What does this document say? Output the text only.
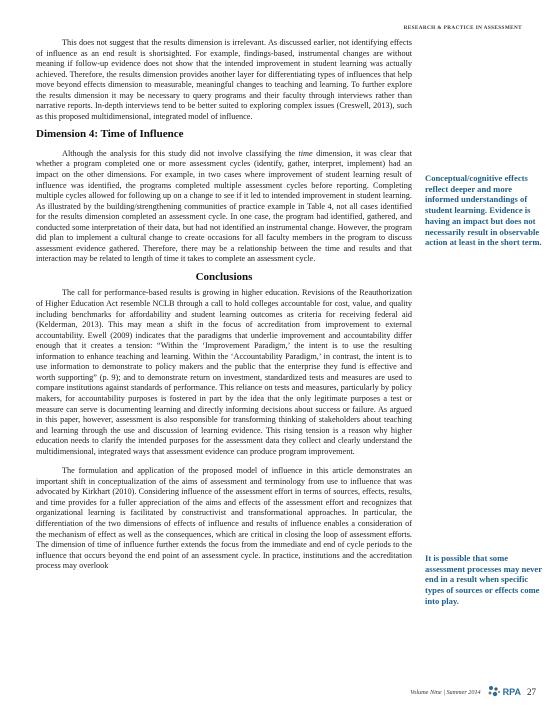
RESEARCH & PRACTICE IN ASSESSMENT

This does not suggest that the results dimension is irrelevant. As discussed earlier, not identifying effects of influence as an end result is shortsighted. For example, findings-based, instrumental changes are without meaning if follow-up evidence does not show that the intended improvement in student learning was actually achieved. Therefore, the results dimension provides another layer for differentiating types of influences that help move beyond effects dimension to measurable, meaningful changes to teaching and learning. To further explore the results dimension it may be necessary to query programs and their faculty through interviews rather than narrative reports. In-depth interviews tend to be better suited to exploring complex issues (Creswell, 2013), such as this proposed multidimensional, integrated model of influence.

Dimension 4: Time of Influence

Although the analysis for this study did not involve classifying the time dimension, it was clear that whether a program completed one or more assessment cycles (identify, gather, interpret, implement) had an impact on the other dimensions. For example, in two cases where improvement of student learning result of influence was identified, the programs completed multiple assessment cycles before reporting. Completing multiple cycles allowed for following up on a change to see if it led to intended improvement in student learning. As illustrated by the building/strengthening communities of practice example in Table 4, not all cases identified for the results dimension completed an assessment cycle. In one case, the program had identified, gathered, and conducted some interpretation of their data, but had not identified an instrumental change. However, the program did plan to implement a cultural change to create occasions for all faculty members in the program to discuss assessment evidence gathered. Therefore, there may be a relationship between the time and results and that interaction may be related to length of time it takes to complete an assessment cycle.

Conclusions

The call for performance-based results is growing in higher education. Revisions of the Reauthorization of Higher Education Act resemble NCLB through a call to hold colleges accountable for cost, value, and quality including benchmarks for affordability and student learning outcomes as criteria for receiving federal aid (Kelderman, 2013). This may mean a shift in the focus of accreditation from improvement to external accountability. Ewell (2009) indicates that the paradigms that underlie improvement and accountability differ enough that it creates a tension: “Within the ‘Improvement Paradigm,’ the intent is to use the resulting information to enhance teaching and learning. Within the ‘Accountability Paradigm,’ in contrast, the intent is to use information to demonstrate to policy makers and the public that the enterprise they fund is effective and worth supporting” (p. 9); and to demonstrate return on investment, standardized tests and measures are used to compare institutions against standards of performance. This reliance on tests and measures, particularly by policy makers, for accountability purposes is fostered in part by the idea that the only legitimate purposes a test or measure can serve is documenting learning and directly informing decisions about success or failure. As argued in this paper, however, assessment is also responsible for transforming thinking of stakeholders about teaching and learning through the use and discussion of learning evidence. This rising tension is a reason why higher education needs to clarify the intended purposes for the assessment data they collect and clearly understand the multidimensional, integrated ways that assessment evidence can produce program improvement.

The formulation and application of the proposed model of influence in this article demonstrates an important shift in conceptualization of the aims of assessment and terminology from use to influence that was advocated by Kirkhart (2010). Considering influence of the assessment effort in terms of sources, effects, results, and time provides for a fuller appreciation of the aims and effects of the assessment effort and recognizes that organizational learning is facilitated by constructivist and transformational approaches. In particular, the differentiation of the two dimensions of effects of influence and results of influence enables a consideration of the mechanism of effect as well as the consequences, which are critical in closing the loop of assessment efforts. The dimension of time of influence further extends the focus from the immediate and end of cycle periods to the influence that occurs beyond the end point of an assessment cycle. In practice, institutions and the accreditation process may overlook

Conceptual/cognitive effects reflect deeper and more informed understandings of student learning. Evidence is having an impact but does not necessarily result in observable action at least in the short term.
It is possible that some assessment processes may never end in a result when specific types of sources or effects come into play.
Volume Nine | Summer 2014 RPA 27
